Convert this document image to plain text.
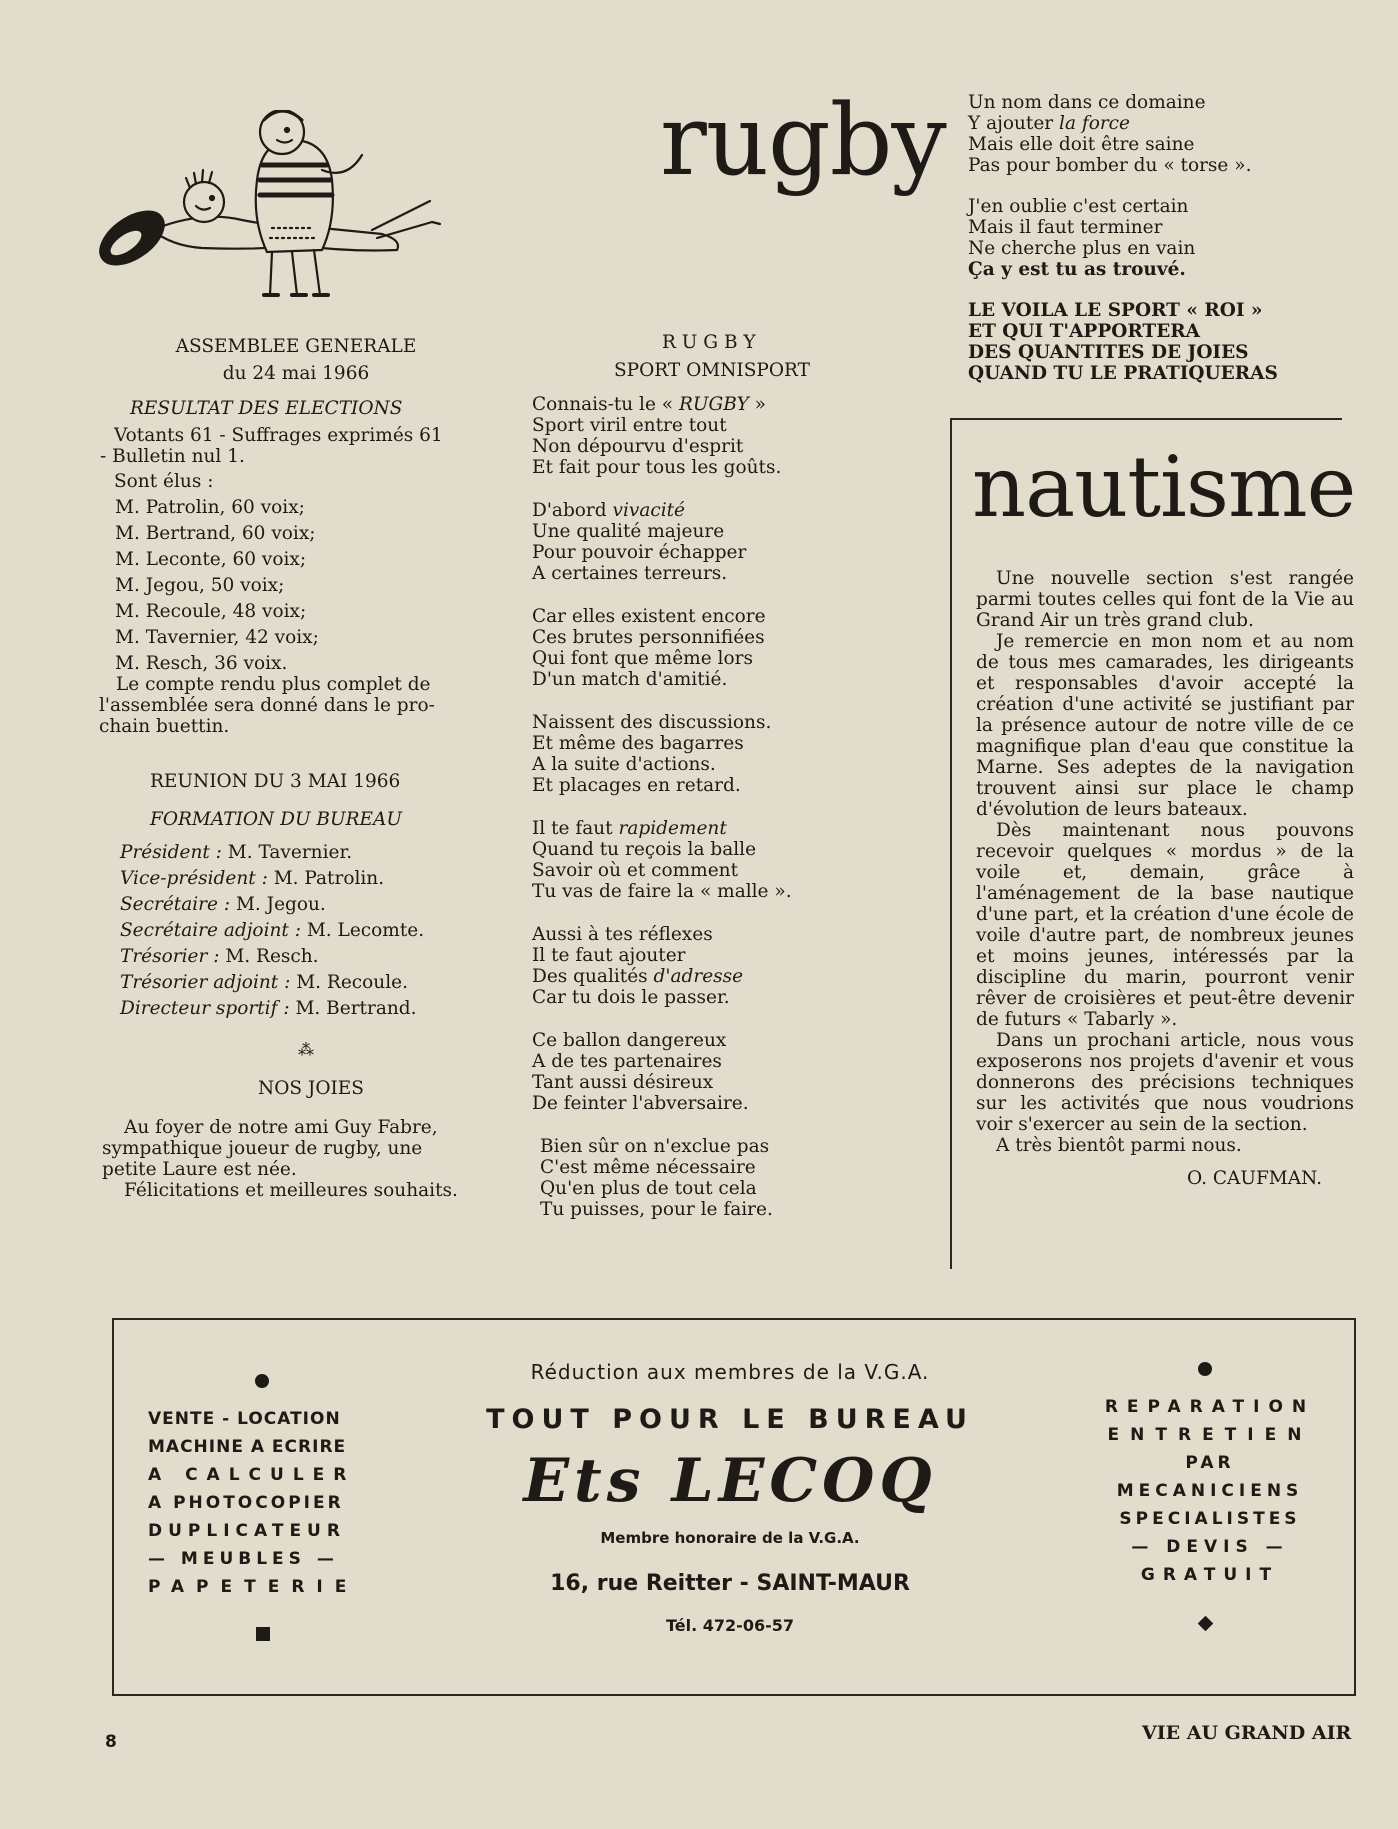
rugby Un nom dans ce domaine
Y ajouter la force
Mais elle doit être saine
Pas pour bomber du « torse ».
J'en oublie c'est certain
Mais il faut terminer
Ne cherche plus en vain
Ça y est tu as trouvé.
LE VOILA LE SPORT « ROI »
ET QUI T'APPORTERA
DES QUANTITES DE JOIES
QUAND TU LE PRATIQUERAS
ASSEMBLEE GENERALE
du 24 mai 1966
RESULTAT DES ELECTIONS
Votants 61 - Suffrages exprimés 61
- Bulletin nul 1.
Sont élus :
M. Patrolin, 60 voix;
M. Bertrand, 60 voix;
M. Leconte, 60 voix;
M. Jegou, 50 voix;
M. Recoule, 48 voix;
M. Tavernier, 42 voix;
M. Resch, 36 voix.
Le compte rendu plus complet de
l'assemblée sera donné dans le pro-
chain buettin.
REUNION DU 3 MAI 1966
FORMATION DU BUREAU
Président : M. Tavernier.
Vice-président : M. Patrolin.
Secrétaire : M. Jegou.
Secrétaire adjoint : M. Lecomte.
Trésorier : M. Resch.
Trésorier adjoint : M. Recoule.
Directeur sportif : M. Bertrand.
⁂
NOS JOIES
Au foyer de notre ami Guy Fabre,
sympathique joueur de rugby, une
petite Laure est née.
Félicitations et meilleures souhaits.
R U G B Y
SPORT OMNISPORT
Connais-tu le « RUGBY »
Sport viril entre tout
Non dépourvu d'esprit
Et fait pour tous les goûts.
D'abord vivacité
Une qualité majeure
Pour pouvoir échapper
A certaines terreurs.
Car elles existent encore
Ces brutes personnifiées
Qui font que même lors
D'un match d'amitié.
Naissent des discussions.
Et même des bagarres
A la suite d'actions.
Et placages en retard.
Il te faut rapidement
Quand tu reçois la balle
Savoir où et comment
Tu vas de faire la « malle ».
Aussi à tes réflexes
Il te faut ajouter
Des qualités d'adresse
Car tu dois le passer.
Ce ballon dangereux
A de tes partenaires
Tant aussi désireux
De feinter l'abversaire.
Bien sûr on n'exclue pas
C'est même nécessaire
Qu'en plus de tout cela
Tu puisses, pour le faire.
nautisme

Une nouvelle section s'est rangée parmi toutes celles qui font de la Vie au Grand Air un très grand club.

Je remercie en mon nom et au nom de tous mes camarades, les dirigeants et responsables d'avoir accepté la création d'une activité se justifiant par la présence autour de notre ville de ce magnifique plan d'eau que constitue la Marne. Ses adeptes de la navigation trouvent ainsi sur place le champ d'évolution de leurs bateaux.

Dès maintenant nous pouvons recevoir quelques « mordus » de la voile et, demain, grâce à l'aménagement de la base nautique d'une part, et la création d'une école de voile d'autre part, de nombreux jeunes et moins jeunes, intéressés par la discipline du marin, pourront venir rêver de croisières et peut-être devenir de futurs « Tabarly ».

Dans un prochani article, nous vous exposerons nos projets d'avenir et vous donnerons des précisions techniques sur les activités que nous voudrions voir s'exercer au sein de la section.

A très bientôt parmi nous.

O. CAUFMAN.

VENTE - LOCATION
MACHINE A ECRIRE
A CALCULER
A PHOTOCOPIER
DUPLICATEUR
— MEUBLES —
PAPETERIE
Réduction aux membres de la V.G.A.
TOUT POUR LE BUREAU
Ets LECOQ
Membre honoraire de la V.G.A.
16, rue Reitter - SAINT-MAUR
Tél. 472-06-57
REPARATION
ENTRETIEN
PAR
MECANICIENS
SPECIALISTES
— DEVIS —
GRATUIT
8	VIE AU GRAND AIR
